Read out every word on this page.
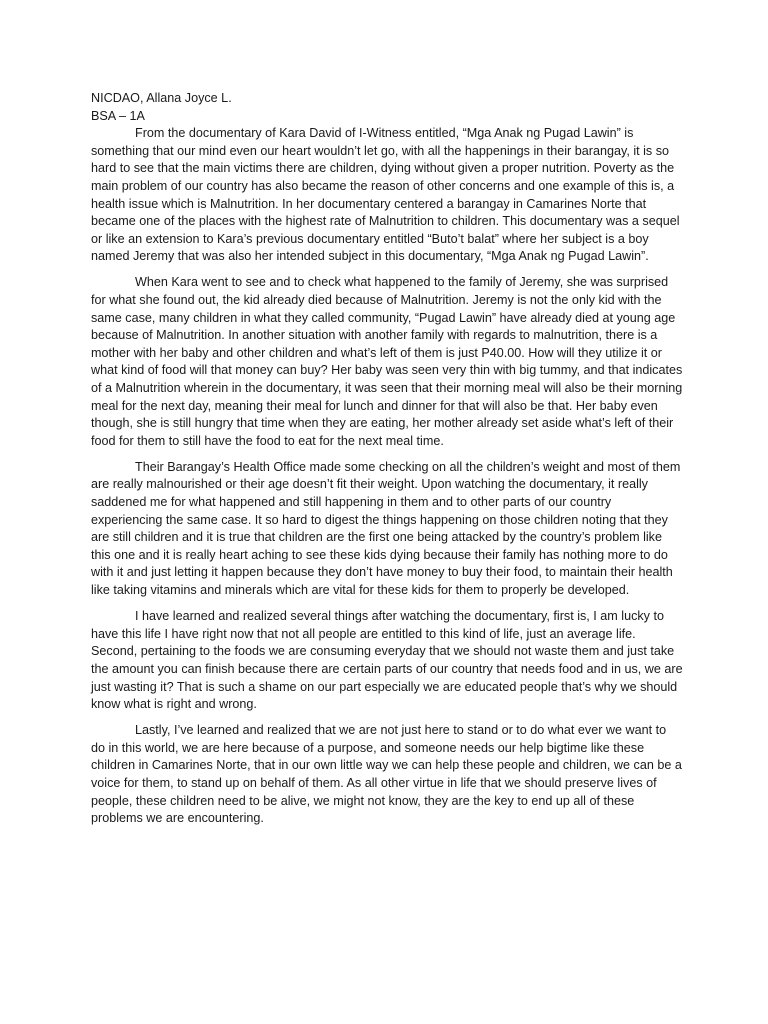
NICDAO, Allana Joyce L.

BSA – 1A

From the documentary of Kara David of I-Witness entitled, “Mga Anak ng Pugad Lawin” is something that our mind even our heart wouldn’t let go, with all the happenings in their barangay, it is so hard to see that the main victims there are children, dying without given a proper nutrition. Poverty as the main problem of our country has also became the reason of other concerns and one example of this is, a health issue which is Malnutrition. In her documentary centered a barangay in Camarines Norte that became one of the places with the highest rate of Malnutrition to children. This documentary was a sequel or like an extension to Kara’s previous documentary entitled “Buto’t balat” where her subject is a boy named Jeremy that was also her intended subject in this documentary, “Mga Anak ng Pugad Lawin”.

When Kara went to see and to check what happened to the family of Jeremy, she was surprised for what she found out, the kid already died because of Malnutrition. Jeremy is not the only kid with the same case, many children in what they called community, “Pugad Lawin” have already died at young age because of Malnutrition. In another situation with another family with regards to malnutrition, there is a mother with her baby and other children and what’s left of them is just P40.00. How will they utilize it or what kind of food will that money can buy? Her baby was seen very thin with big tummy, and that indicates of a Malnutrition wherein in the documentary, it was seen that their morning meal will also be their morning meal for the next day, meaning their meal for lunch and dinner for that will also be that. Her baby even though, she is still hungry that time when they are eating, her mother already set aside what’s left of their food for them to still have the food to eat for the next meal time.

Their Barangay’s Health Office made some checking on all the children’s weight and most of them are really malnourished or their age doesn’t fit their weight. Upon watching the documentary, it really saddened me for what happened and still happening in them and to other parts of our country experiencing the same case. It so hard to digest the things happening on those children noting that they are still children and it is true that children are the first one being attacked by the country’s problem like this one and it is really heart aching to see these kids dying because their family has nothing more to do with it and just letting it happen because they don’t have money to buy their food, to maintain their health like taking vitamins and minerals which are vital for these kids for them to properly be developed.

I have learned and realized several things after watching the documentary, first is, I am lucky to have this life I have right now that not all people are entitled to this kind of life, just an average life. Second, pertaining to the foods we are consuming everyday that we should not waste them and just take the amount you can finish because there are certain parts of our country that needs food and in us, we are just wasting it? That is such a shame on our part especially we are educated people that’s why we should know what is right and wrong.

Lastly, I’ve learned and realized that we are not just here to stand or to do what ever we want to do in this world, we are here because of a purpose, and someone needs our help bigtime like these children in Camarines Norte, that in our own little way we can help these people and children, we can be a voice for them, to stand up on behalf of them. As all other virtue in life that we should preserve lives of people, these children need to be alive, we might not know, they are the key to end up all of these problems we are encountering.
